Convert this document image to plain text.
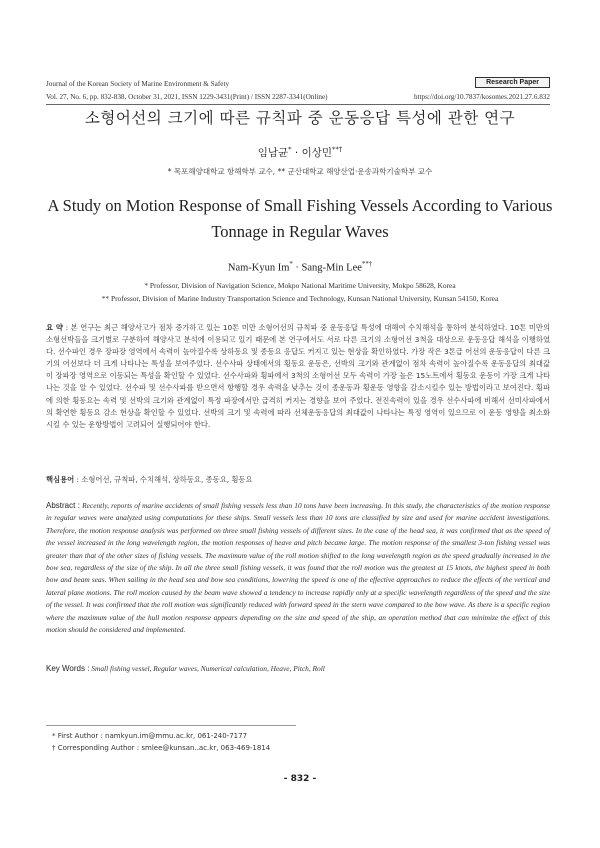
Journal of the Korean Society of Marine Environment & Safety	Research Paper
Vol. 27, No. 6, pp. 832-838, October 31, 2021, ISSN 1229-3431(Print) / ISSN 2287-3341(Online)	https://doi.org/10.7837/kosomes.2021.27.6.832
소형어선의 크기에 따른 규칙파 중 운동응답 특성에 관한 연구
임남균* · 이상민**†
* 목포해양대학교 항해학부 교수, ** 군산대학교 해양산업·운송과학기술학부 교수
A Study on Motion Response of Small Fishing Vessels According to Various Tonnage in Regular Waves
Nam-Kyun Im* · Sang-Min Lee**†
* Professor, Division of Navigation Science, Mokpo National Maritime University, Mokpo 58628, Korea
** Professor, Division of Marine Industry Transportation Science and Technology, Kunsan National University, Kunsan 54150, Korea
요 약 : 본 연구는 최근 해양사고가 점차 증가하고 있는 10톤 미만 소형어선의 규칙파 중 운동응답 특성에 대해여 수치해석을 통하여 분석하였다. 10톤 미만의 소형선박들을 크기별로 구분하여 해양사고 분석에 이용되고 있기 때문에 본 연구에서도 서로 다른 크기의 소형어선 3척을 대상으로 운동응답 해석을 이행하였다. 선수파인 경우 장파장 영역에서 속력이 높아질수록 상하동요 및 종동요 응답도 커지고 있는 현상을 확인하였다. 가장 작은 3톤급 어선의 운동응답이 다른 크기의 어선보다 더 크게 나타나는 특성을 보여주었다. 선수사파 상태에서의 횡동요 운동은, 선박의 크기와 관계없이 점차 속력이 높아질수록 운동응답의 최대값이 장파장 영역으로 이동되는 특성을 확인할 수 있었다. 선수사파와 횡파에서 3척의 소형어선 모두 속력이 가장 높은 15노트에서 횡동요 운동이 가장 크게 나타나는 것을 알 수 있었다. 선수파 및 선수사파를 받으면서 항행할 경우 속력을 낮추는 것이 종운동과 횡운동 영향을 감소시킬수 있는 방법이라고 보여진다. 횡파에 의한 횡동요는 속력 및 선박의 크기와 관계없이 특정 파장에서만 급격히 커지는 경향을 보여 주었다. 전진속력이 있을 경우 선수사파에 비해서 선미사파에서의 확연한 횡동요 감소 현상을 확인할 수 있었다. 선박의 크기 및 속력에 따라 선체운동응답의 최대값이 나타나는 특정 영역이 있으므로 이 운동 영향을 최소화 시킬 수 있는 운항방법이 고려되어 실행되어야 한다.
핵심용어 : 소형어선, 규칙파, 수치해석, 상하동요, 종동요, 횡동요
Abstract : Recently, reports of marine accidents of small fishing vessels less than 10 tons have been increasing. In this study, the characteristics of the motion response in regular waves were analyzed using computations for these ships. Small vessels less than 10 tons are classified by size and used for marine accident investigations. Therefore, the motion response analysis was performed on three small fishing vessels of different sizes. In the case of the head sea, it was confirmed that as the speed of the vessel increased in the long wavelength region, the motion responses of heave and pitch became large. The motion response of the smallest 3-ton fishing vessel was greater than that of the other sizes of fishing vessels. The maximum value of the roll motion shifted to the long wavelength region as the speed gradually increased in the bow sea, regardless of the size of the ship. In all the three small fishing vessels, it was found that the roll motion was the greatest at 15 knots, the highest speed in both bow and beam seas. When sailing in the head sea and bow sea conditions, lowering the speed is one of the effective approaches to reduce the effects of the vertical and lateral plane motions. The roll motion caused by the beam wave showed a tendency to increase rapidly only at a specific wavelength regardless of the speed and the size of the vessel. It was confirmed that the roll motion was significantly reduced with forward speed in the stern wave compared to the bow wave. As there is a specific region where the maximum value of the hull motion response appears depending on the size and speed of the ship, an operation method that can minimize the effect of this motion should be considered and implemented.
Key Words : Small fishing vessel, Regular waves, Numerical calculation, Heave, Pitch, Roll
* First Author : namkyun.im@mmu.ac.kr, 061-240-7177
† Corresponding Author : smlee@kunsan..ac.kr, 063-469-1814
- 832 -
